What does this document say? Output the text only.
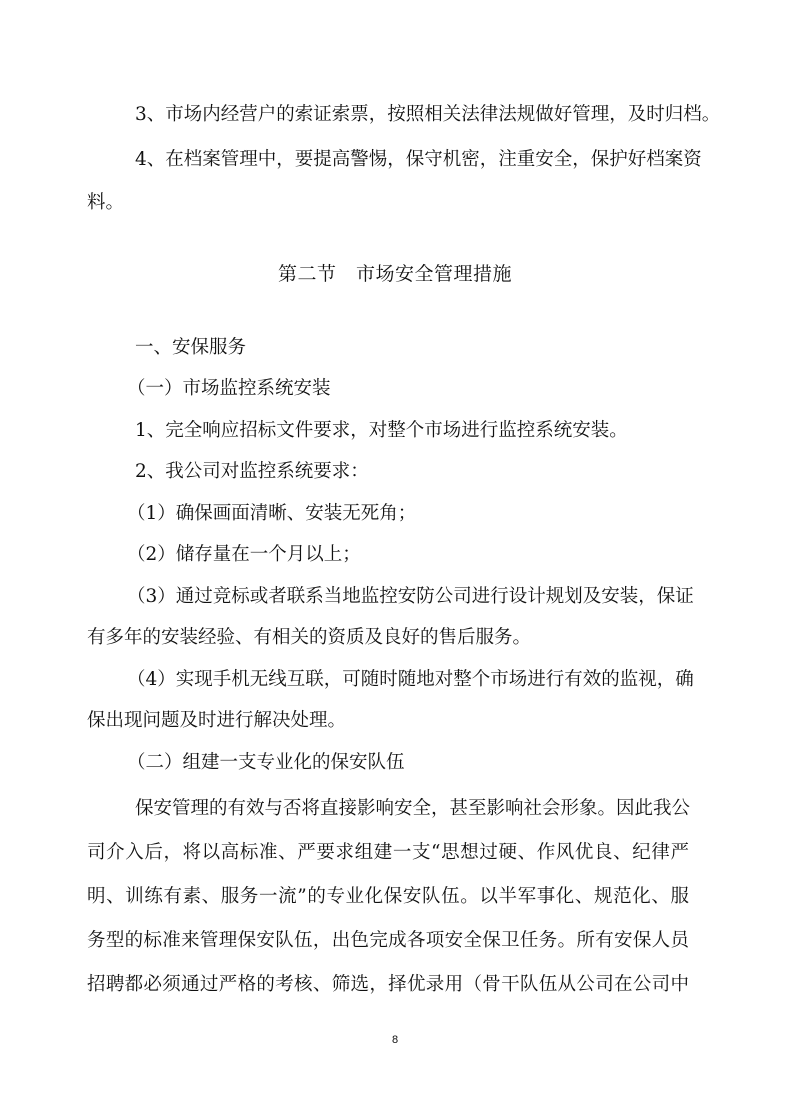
3、市场内经营户的索证索票，按照相关法律法规做好管理，及时归档。
4、在档案管理中，要提高警惕，保守机密，注重安全，保护好档案资
料。
第二节　市场安全管理措施
一、安保服务
（一）市场监控系统安装
1、完全响应招标文件要求，对整个市场进行监控系统安装。
2、我公司对监控系统要求：
（1）确保画面清晰、安装无死角；
（2）储存量在一个月以上；
（3）通过竞标或者联系当地监控安防公司进行设计规划及安装，保证
有多年的安装经验、有相关的资质及良好的售后服务。
（4）实现手机无线互联，可随时随地对整个市场进行有效的监视，确
保出现问题及时进行解决处理。
（二）组建一支专业化的保安队伍
保安管理的有效与否将直接影响安全，甚至影响社会形象。因此我公
司介入后，将以高标准、严要求组建一支“思想过硬、作风优良、纪律严
明、训练有素、服务一流”的专业化保安队伍。以半军事化、规范化、服
务型的标准来管理保安队伍，出色完成各项安全保卫任务。所有安保人员
招聘都必须通过严格的考核、筛选，择优录用（骨干队伍从公司在公司中
8
